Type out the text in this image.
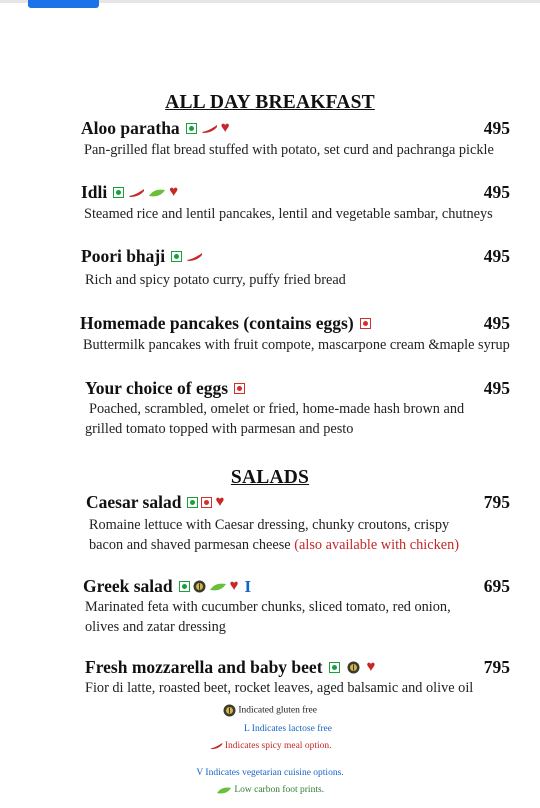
ALL DAY BREAKFAST
Aloo paratha	♥	495
Pan-grilled flat bread stuffed with potato, set curd and pachranga pickle
Idli	♥	495
Steamed rice and lentil pancakes, lentil and vegetable sambar, chutneys
Poori bhaji	495
Rich and spicy potato curry, puffy fried bread
Homemade pancakes (contains eggs)	495
Buttermilk pancakes with fruit compote, mascarpone cream &maple syrup
Your choice of eggs	495
Poached, scrambled, omelet or fried, home-made hash brown and
grilled tomato topped with parmesan and pesto
SALADS
Caesar salad ♥	795
Romaine lettuce with Caesar dressing, chunky croutons, crispy
bacon and shaved parmesan cheese (also available with chicken)
Greek salad	♥ I	695
Marinated feta with cucumber chunks, sliced tomato, red onion,
olives and zatar dressing
Fresh mozzarella and baby beet	♥	795
Fior di latte, roasted beet, rocket leaves, aged balsamic and olive oil
Indicated gluten free
L Indicates lactose free
Indicates spicy meal option.
V Indicates vegetarian cuisine options.
Low carbon foot prints.
